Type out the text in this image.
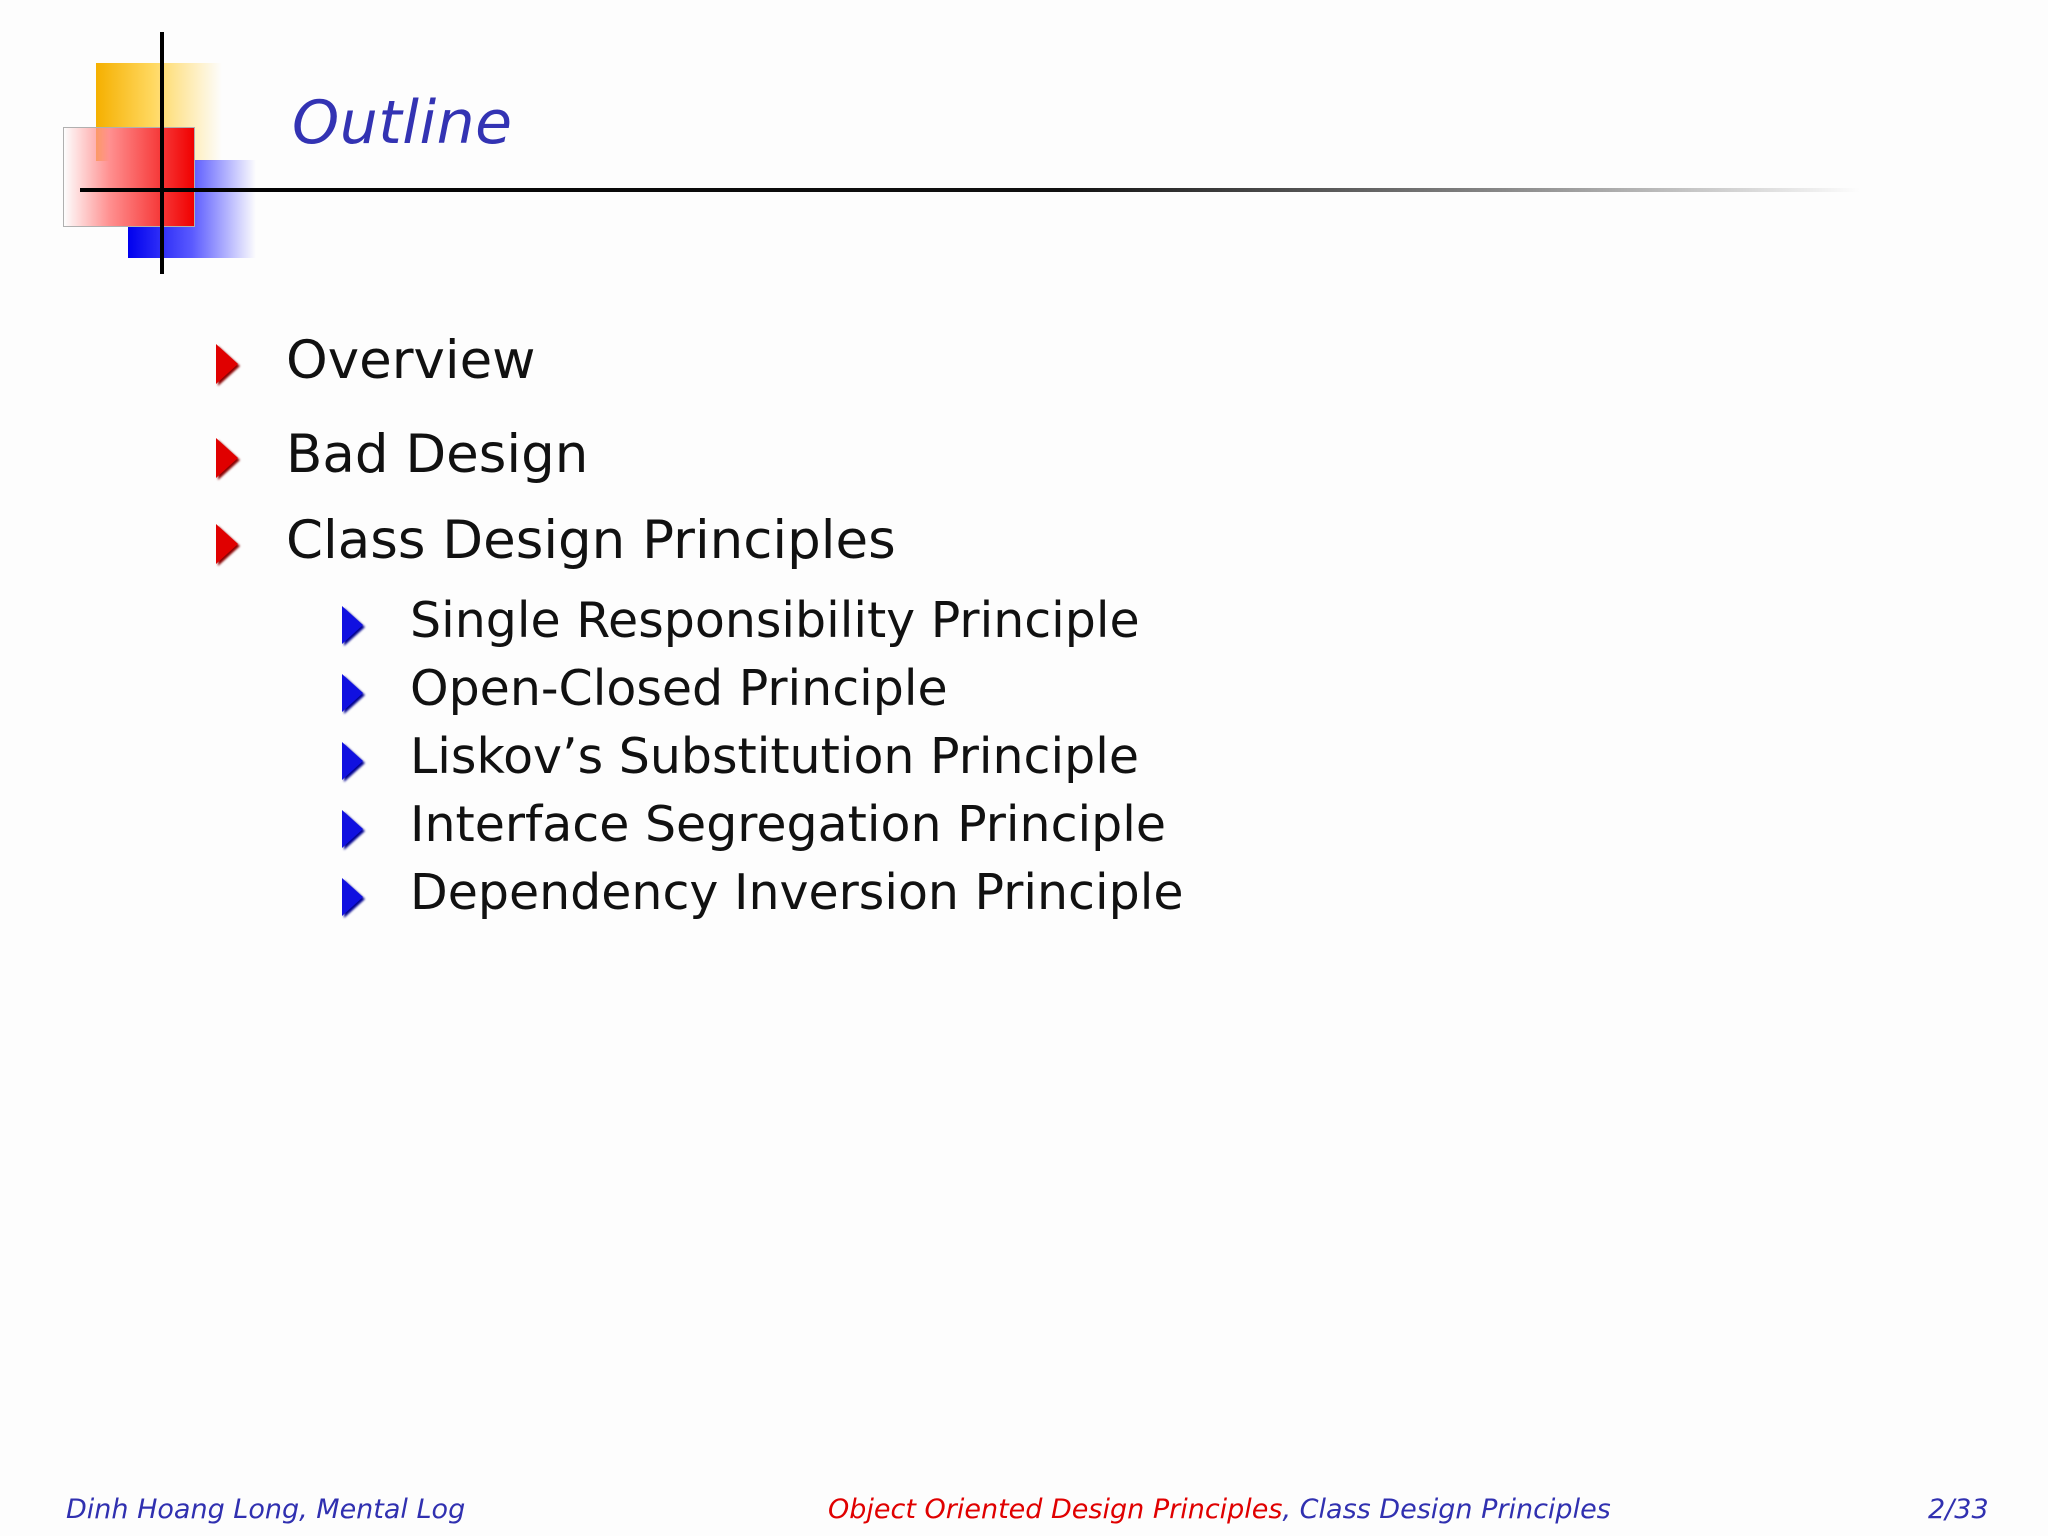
Outline
Overview
Bad Design
Class Design Principles
Single Responsibility Principle
Open-Closed Principle
Liskov’s Substitution Principle
Interface Segregation Principle
Dependency Inversion Principle
Dinh Hoang Long, Mental Log	Object Oriented Design Principles, Class Design Principles	2/33
